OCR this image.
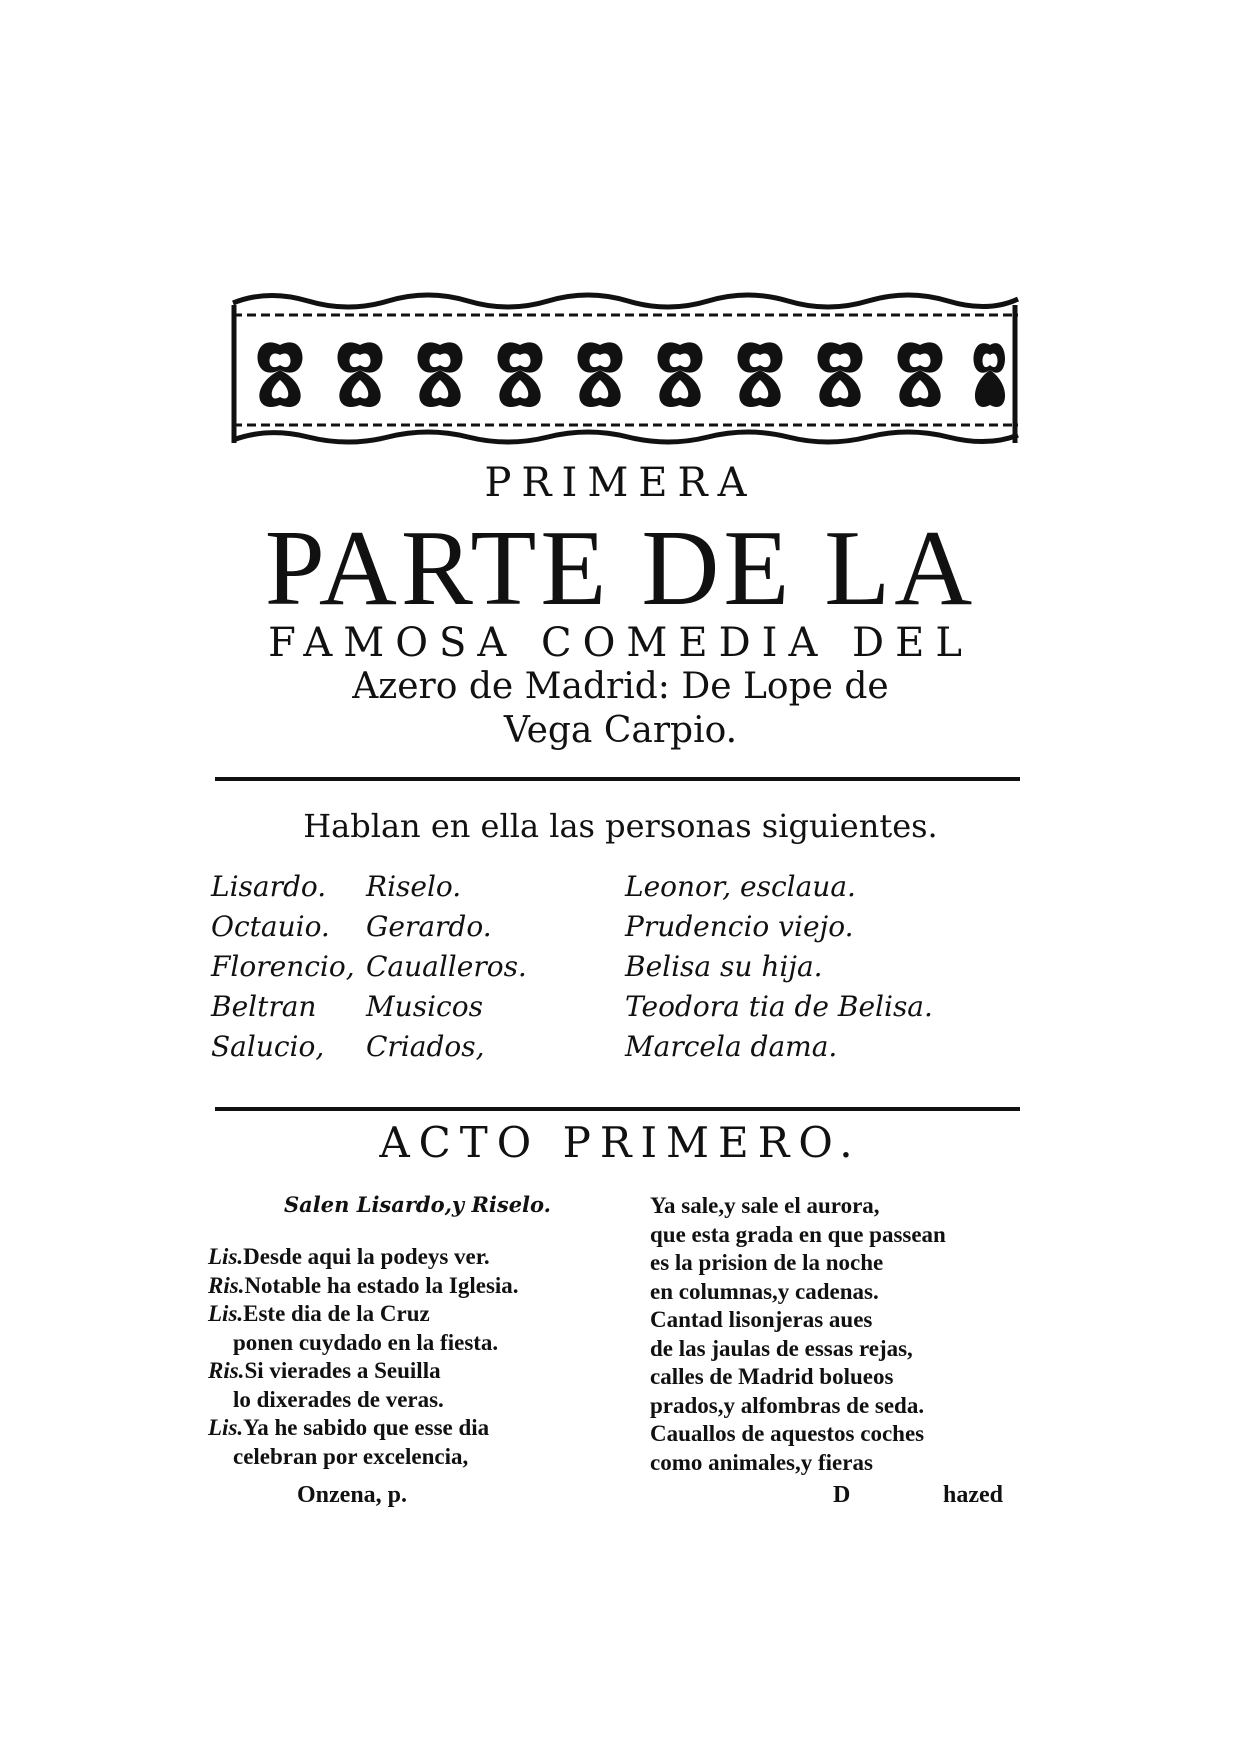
PRIMERA
PARTE DE LA
FAMOSA COMEDIA DEL
Azero de Madrid: De Lope de
Vega Carpio.
Hablan en ella las personas siguientes.
Lisardo.
Octauio.
Florencio,
Beltran
Salucio,
Riselo.
Gerardo.
Caualleros.
Musicos
Criados,
Leonor, esclaua.
Prudencio viejo.
Belisa su hija.
Teodora tia de Belisa.
Marcela dama.
ACTO PRIMERO.
Salen Lisardo,y Riselo.
Lis.Desde aqui la podeys ver.
Ris.Notable ha estado la Iglesia.
Lis.Este dia de la Cruz
ponen cuydado en la fiesta.
Ris.Si vierades a Seuilla
lo dixerades de veras.
Lis.Ya he sabido que esse dia
celebran por excelencia,
Ya sale,y sale el aurora,
que esta grada en que passean
es la prision de la noche
en columnas,y cadenas.
Cantad lisonjeras aues
de las jaulas de essas rejas,
calles de Madrid bolueos
prados,y alfombras de seda.
Cauallos de aquestos coches
como animales,y fieras
Onzena, p.	D	hazed
